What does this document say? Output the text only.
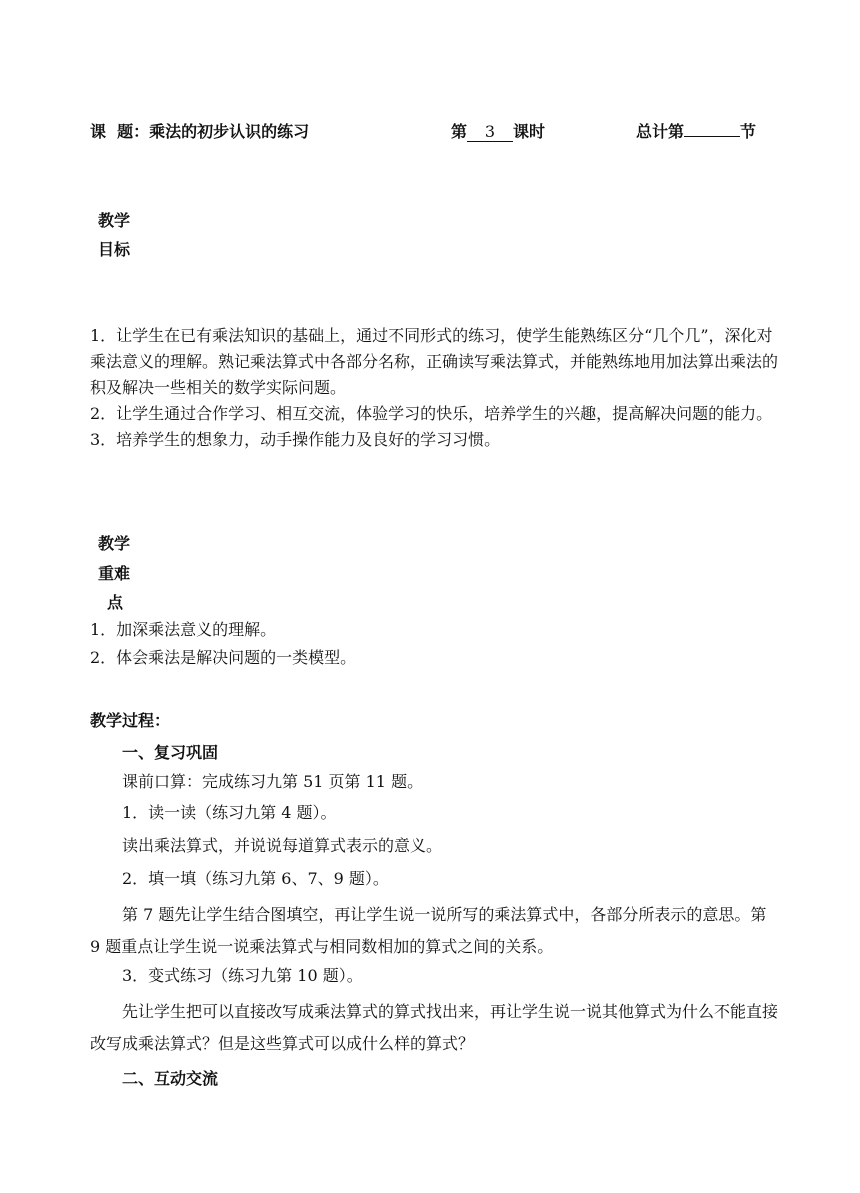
课  题：乘法的初步认识的练习	第 3 课时	总计第	节
教学
目标
1．让学生在已有乘法知识的基础上，通过不同形式的练习，使学生能熟练区分“几个几”，深化对乘法意义的理解。熟记乘法算式中各部分名称，正确读写乘法算式，并能熟练地用加法算出乘法的积及解决一些相关的数学实际问题。
2．让学生通过合作学习、相互交流，体验学习的快乐，培养学生的兴趣，提高解决问题的能力。
3．培养学生的想象力，动手操作能力及良好的学习习惯。
教学
重难
点
1．加深乘法意义的理解。
2．体会乘法是解决问题的一类模型。
教学过程：
一、复习巩固
课前口算：完成练习九第 51 页第 11 题。
1．读一读（练习九第 4 题）。
读出乘法算式，并说说每道算式表示的意义。
2．填一填（练习九第 6、7、9 题）。
第 7 题先让学生结合图填空，再让学生说一说所写的乘法算式中，各部分所表示的意思。第 9 题重点让学生说一说乘法算式与相同数相加的算式之间的关系。
3．变式练习（练习九第 10 题）。
先让学生把可以直接改写成乘法算式的算式找出来，再让学生说一说其他算式为什么不能直接改写成乘法算式？但是这些算式可以成什么样的算式？
二、互动交流
